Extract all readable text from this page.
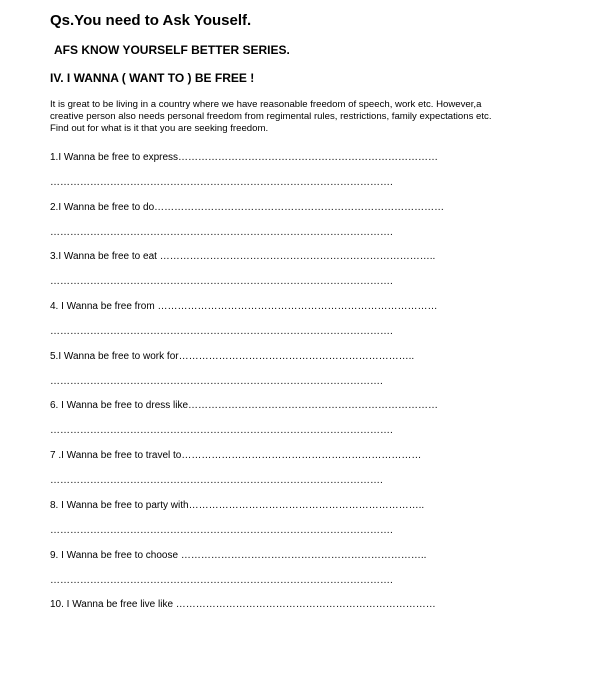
Qs.You need to Ask Youself.
AFS KNOW YOURSELF BETTER SERIES.
IV. I WANNA ( WANT TO ) BE FREE !

It is great to be living in a country where we have reasonable freedom of speech, work etc. However,a

creative person also needs personal freedom from regimental rules, restrictions, family expectations etc.

Find out for what is it that you are seeking freedom.

1.I Wanna be free to express……………………………………………………………………
………………………………………………………………………………………….
2.I Wanna be free to do……………………………………………………………………………
………………………………………………………………………………………….
3.I Wanna be free to eat ………………………………………………………………………..
………………………………………………………………………………………….
4. I Wanna be free from …………………………………………………………………………
………………………………………………………………………………………….
5.I Wanna be free to work for……………………………………………………………..
……………………………………………………………………………………….
6. I Wanna be free to dress like…………………………………………………………………
………………………………………………………………………………………….
7 .I Wanna be free to travel to………………………………………………………………
……………………………………………………………………………………….
8. I Wanna be free to party with……………………………………………………………..
………………………………………………………………………………………….
9. I Wanna be free to choose ………………………………………………………………..
………………………………………………………………………………………….
10. I Wanna be free live like ……………………………………………………………………
